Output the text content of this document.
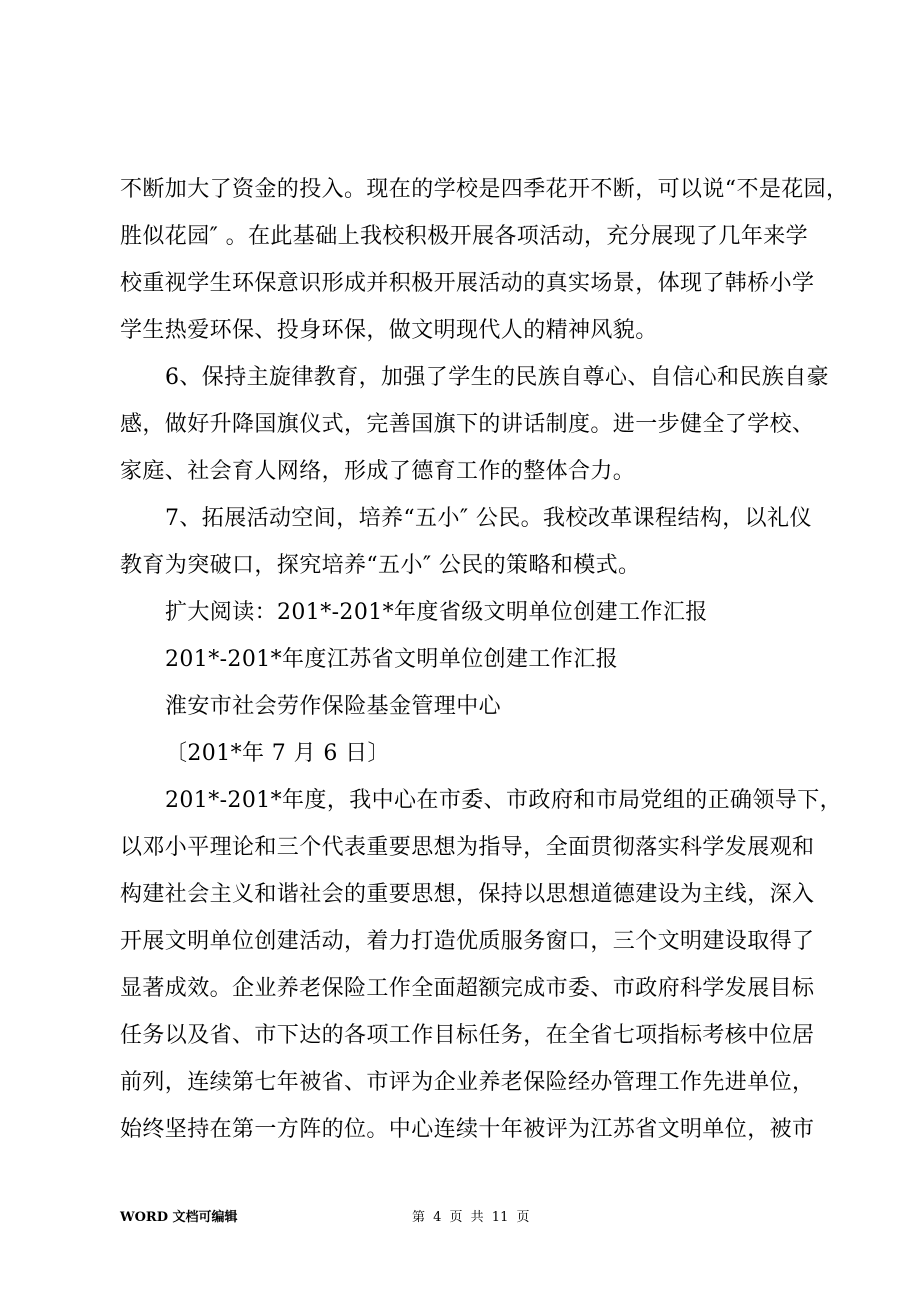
不断加大了资金的投入。现在的学校是四季花开不断，可以说“不是花园，
胜似花园″ 。在此基础上我校积极开展各项活动，充分展现了几年来学
校重视学生环保意识形成并积极开展活动的真实场景，体现了韩桥小学
学生热爱环保、投身环保，做文明现代人的精神风貌。
6、保持主旋律教育，加强了学生的民族自尊心、自信心和民族自豪
感，做好升降国旗仪式，完善国旗下的讲话制度。进一步健全了学校、
家庭、社会育人网络，形成了德育工作的整体合力。
7、拓展活动空间，培养“五小″ 公民。我校改革课程结构，以礼仪
教育为突破口，探究培养“五小″ 公民的策略和模式。
扩大阅读：201*-201*年度省级文明单位创建工作汇报
201*-201*年度江苏省文明单位创建工作汇报
淮安市社会劳作保险基金管理中心
〔201*年 7 月 6 日〕
201*-201*年度，我中心在市委、市政府和市局党组的正确领导下，
以邓小平理论和三个代表重要思想为指导，全面贯彻落实科学发展观和
构建社会主义和谐社会的重要思想，保持以思想道德建设为主线，深入
开展文明单位创建活动，着力打造优质服务窗口，三个文明建设取得了
显著成效。企业养老保险工作全面超额完成市委、市政府科学发展目标
任务以及省、市下达的各项工作目标任务，在全省七项指标考核中位居
前列，连续第七年被省、市评为企业养老保险经办管理工作先进单位，
始终坚持在第一方阵的位。中心连续十年被评为江苏省文明单位，被市
WORD 文档可编辑	第 4 页 共 11 页
